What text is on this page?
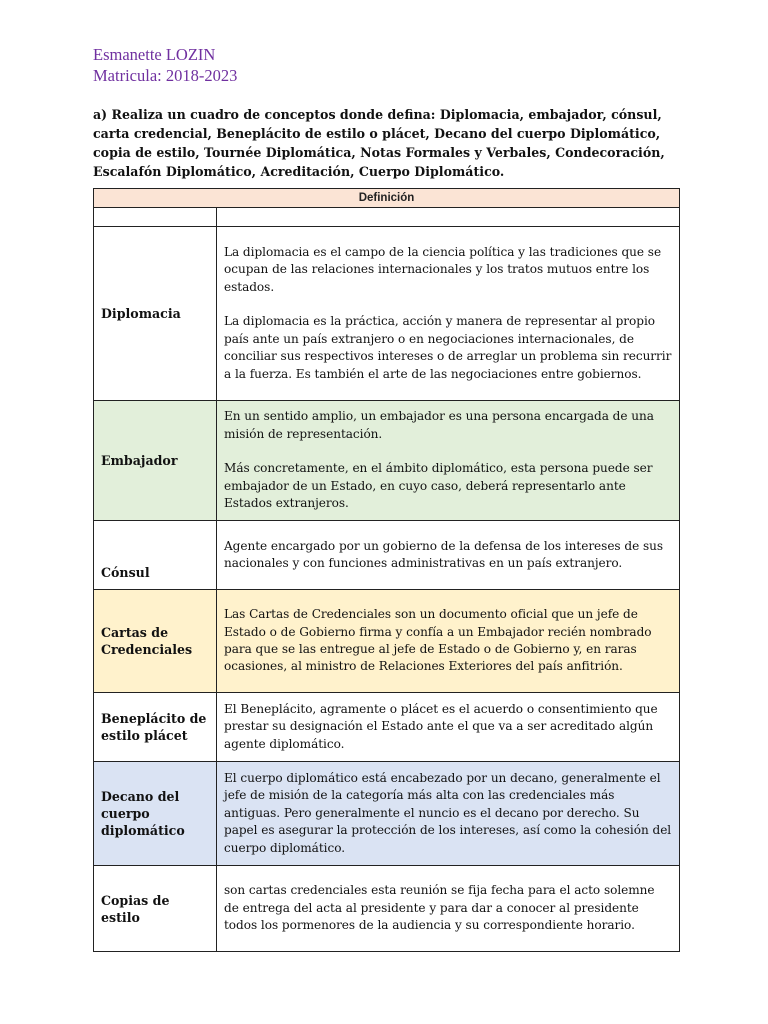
Esmanette LOZIN
Matricula: 2018-2023
a) Realiza un cuadro de conceptos donde defina: Diplomacia, embajador, cónsul, carta credencial, Beneplácito de estilo o plácet, Decano del cuerpo Diplomático, copia de estilo, Tournée Diplomática, Notas Formales y Verbales, Condecoración, Escalafón Diplomático, Acreditación, Cuerpo Diplomático.
Definición	

Diplomacia	La diplomacia es el campo de la ciencia política y las tradiciones que se ocupan de las relaciones internacionales y los tratos mutuos entre los estados.

La diplomacia es la práctica, acción y manera de representar al propio país ante un país extranjero o en negociaciones internacionales, de conciliar sus respectivos intereses o de arreglar un problema sin recurrir a la fuerza. Es también el arte de las negociaciones entre gobiernos.

Embajador	En un sentido amplio, un embajador es una persona encargada de una misión de representación.

Más concretamente, en el ámbito diplomático, esta persona puede ser embajador de un Estado, en cuyo caso, deberá representarlo ante Estados extranjeros.

Cónsul	Agente encargado por un gobierno de la defensa de los intereses de sus nacionales y con funciones administrativas en un país extranjero.

Cartas de Credenciales	Las Cartas de Credenciales son un documento oficial que un jefe de Estado o de Gobierno firma y confía a un Embajador recién nombrado para que se las entregue al jefe de Estado o de Gobierno y, en raras ocasiones, al ministro de Relaciones Exteriores del país anfitrión.

Beneplácito de estilo plácet	El Beneplácito, agramente o plácet es el acuerdo o consentimiento que prestar su designación el Estado ante el que va a ser acreditado algún agente diplomático.

Decano del cuerpo diplomático	El cuerpo diplomático está encabezado por un decano, generalmente el jefe de misión de la categoría más alta con las credenciales más antiguas. Pero generalmente el nuncio es el decano por derecho. Su papel es asegurar la protección de los intereses, así como la cohesión del cuerpo diplomático.

Copias de estilo	son cartas credenciales esta reunión se fija fecha para el acto solemne de entrega del acta al presidente y para dar a conocer al presidente todos los pormenores de la audiencia y su correspondiente horario.
